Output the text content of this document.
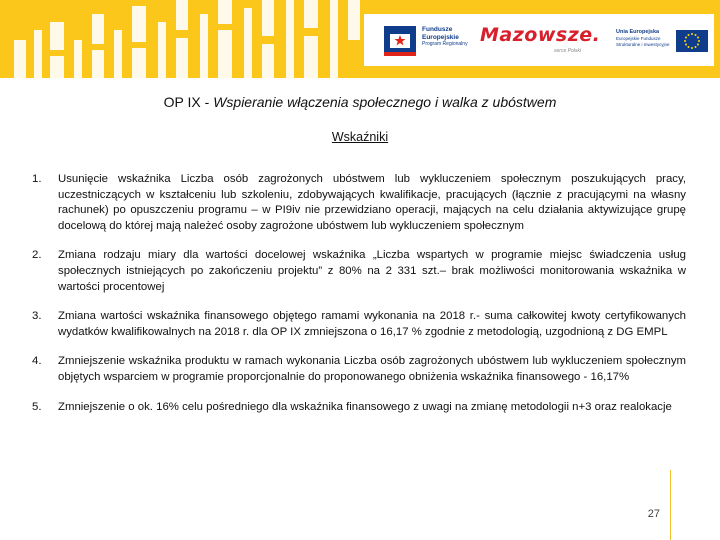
Fundusze
Europejskie
Program Regionalny Mazowsze.
serce Polski
Unia Europejska
Europejskie Fundusze
Strukturalne i Inwestycyjne
OP IX - Wspieranie włączenia społecznego i walka z ubóstwem
Wskaźniki
1. Usunięcie wskaźnika Liczba osób zagrożonych ubóstwem lub wykluczeniem społecznym poszukujących pracy, uczestniczących w kształceniu lub szkoleniu, zdobywających kwalifikacje, pracujących (łącznie z pracującymi na własny rachunek) po opuszczeniu programu – w PI9iv nie przewidziano operacji, mających na celu działania aktywizujące grupę docelową do której mają należeć osoby zagrożone ubóstwem lub wykluczeniem społecznym
2. Zmiana rodzaju miary dla wartości docelowej wskaźnika „Liczba wspartych w programie miejsc świadczenia usług społecznych istniejących po zakończeniu projektu” z 80% na 2 331 szt.– brak możliwości monitorowania wskaźnika w wartości procentowej
3. Zmiana wartości wskaźnika finansowego objętego ramami wykonania na 2018 r.- suma całkowitej kwoty certyfikowanych wydatków kwalifikowalnych na 2018 r. dla OP IX zmniejszona o 16,17 % zgodnie z metodologią, uzgodnioną z DG EMPL
4. Zmniejszenie wskaźnika produktu w ramach wykonania Liczba osób zagrożonych ubóstwem lub wykluczeniem społecznym objętych wsparciem w programie proporcjonalnie do proponowanego obniżenia wskaźnika finansowego - 16,17%
5. Zmniejszenie o ok. 16% celu pośredniego dla wskaźnika finansowego z uwagi na zmianę metodologii n+3 oraz realokacje
27
